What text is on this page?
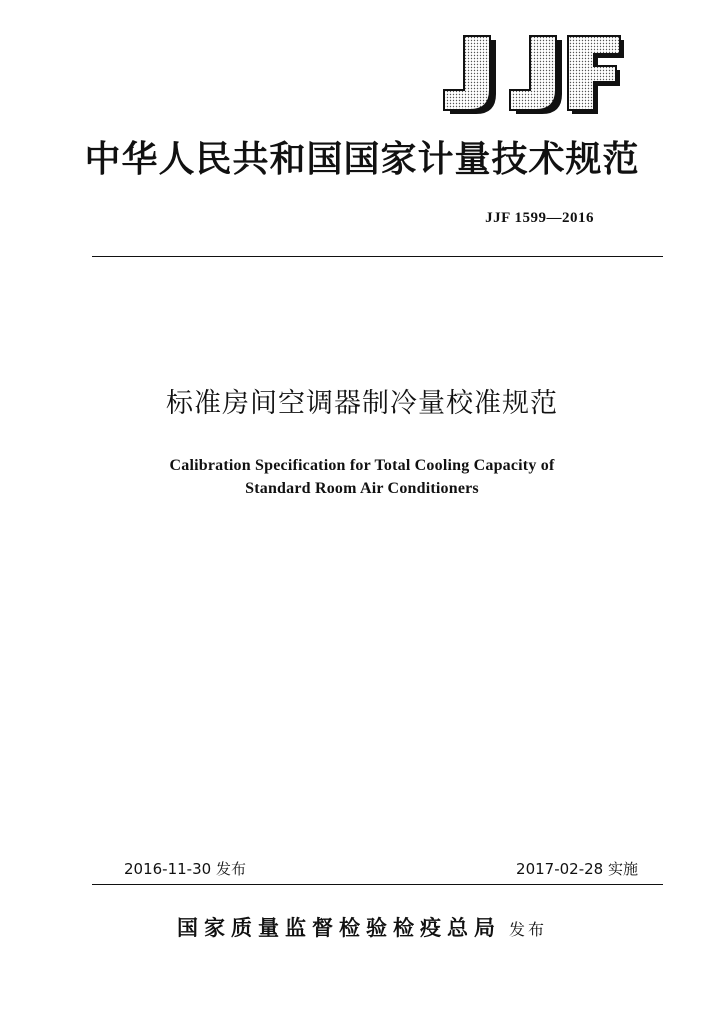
中华人民共和国国家计量技术规范

JJF 1599—2016

标准房间空调器制冷量校准规范
Calibration Specification for Total Cooling Capacity of
Standard Room Air Conditioners

2016-11-30 发布	2017-02-28 实施

国家质量监督检验检疫总局 发布
